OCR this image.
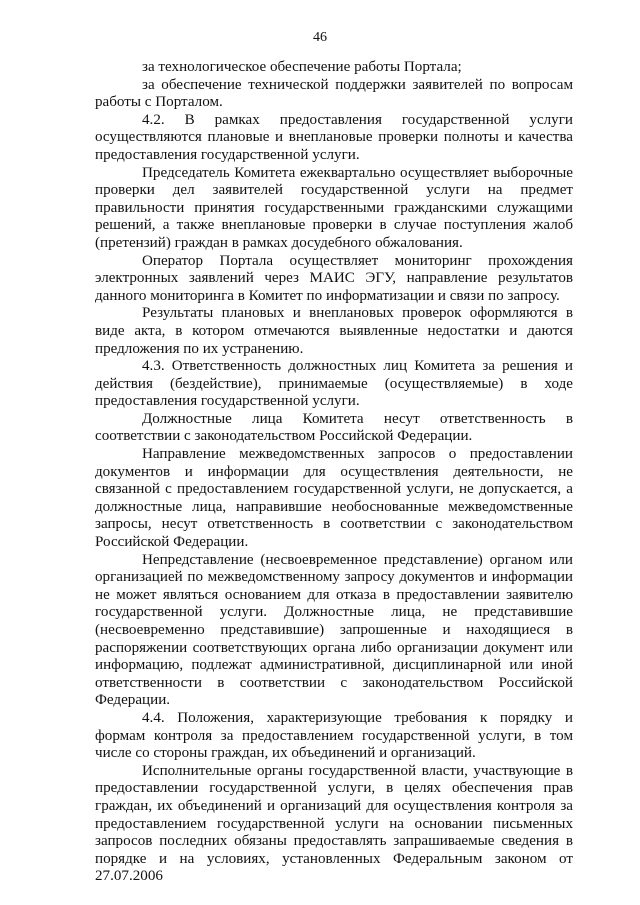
46

за технологическое обеспечение работы Портала;

за обеспечение технической поддержки заявителей по вопросам работы с Порталом.

4.2. В рамках предоставления государственной услуги осуществляются плановые и внеплановые проверки полноты и качества предоставления государственной услуги.

Председатель Комитета ежеквартально осуществляет выборочные проверки дел заявителей государственной услуги на предмет правильности принятия государственными гражданскими служащими решений, а также внеплановые проверки в случае поступления жалоб (претензий) граждан в рамках досудебного обжалования.

Оператор Портала осуществляет мониторинг прохождения электронных заявлений через МАИС ЭГУ, направление результатов данного мониторинга в Комитет по информатизации и связи по запросу.

Результаты плановых и внеплановых проверок оформляются в виде акта, в котором отмечаются выявленные недостатки и даются предложения по их устранению.

4.3. Ответственность должностных лиц Комитета за решения и действия (бездействие), принимаемые (осуществляемые) в ходе предоставления государственной услуги.

Должностные лица Комитета несут ответственность в соответствии с законодательством Российской Федерации.

Направление межведомственных запросов о предоставлении документов и информации для осуществления деятельности, не связанной с предоставлением государственной услуги, не допускается, а должностные лица, направившие необоснованные межведомственные запросы, несут ответственность в соответствии с законодательством Российской Федерации.

Непредставление (несвоевременное представление) органом или организацией по межведомственному запросу документов и информации не может являться основанием для отказа в предоставлении заявителю государственной услуги. Должностные лица, не представившие (несвоевременно представившие) запрошенные и находящиеся в распоряжении соответствующих органа либо организации документ или информацию, подлежат административной, дисциплинарной или иной ответственности в соответствии с законодательством Российской Федерации.

4.4. Положения, характеризующие требования к порядку и формам контроля за предоставлением государственной услуги, в том числе со стороны граждан, их объединений и организаций.

Исполнительные органы государственной власти, участвующие в предоставлении государственной услуги, в целях обеспечения прав граждан, их объединений и организаций для осуществления контроля за предоставлением государственной услуги на основании письменных запросов последних обязаны предоставлять запрашиваемые сведения в порядке и на условиях, установленных Федеральным законом от 27.07.2006
